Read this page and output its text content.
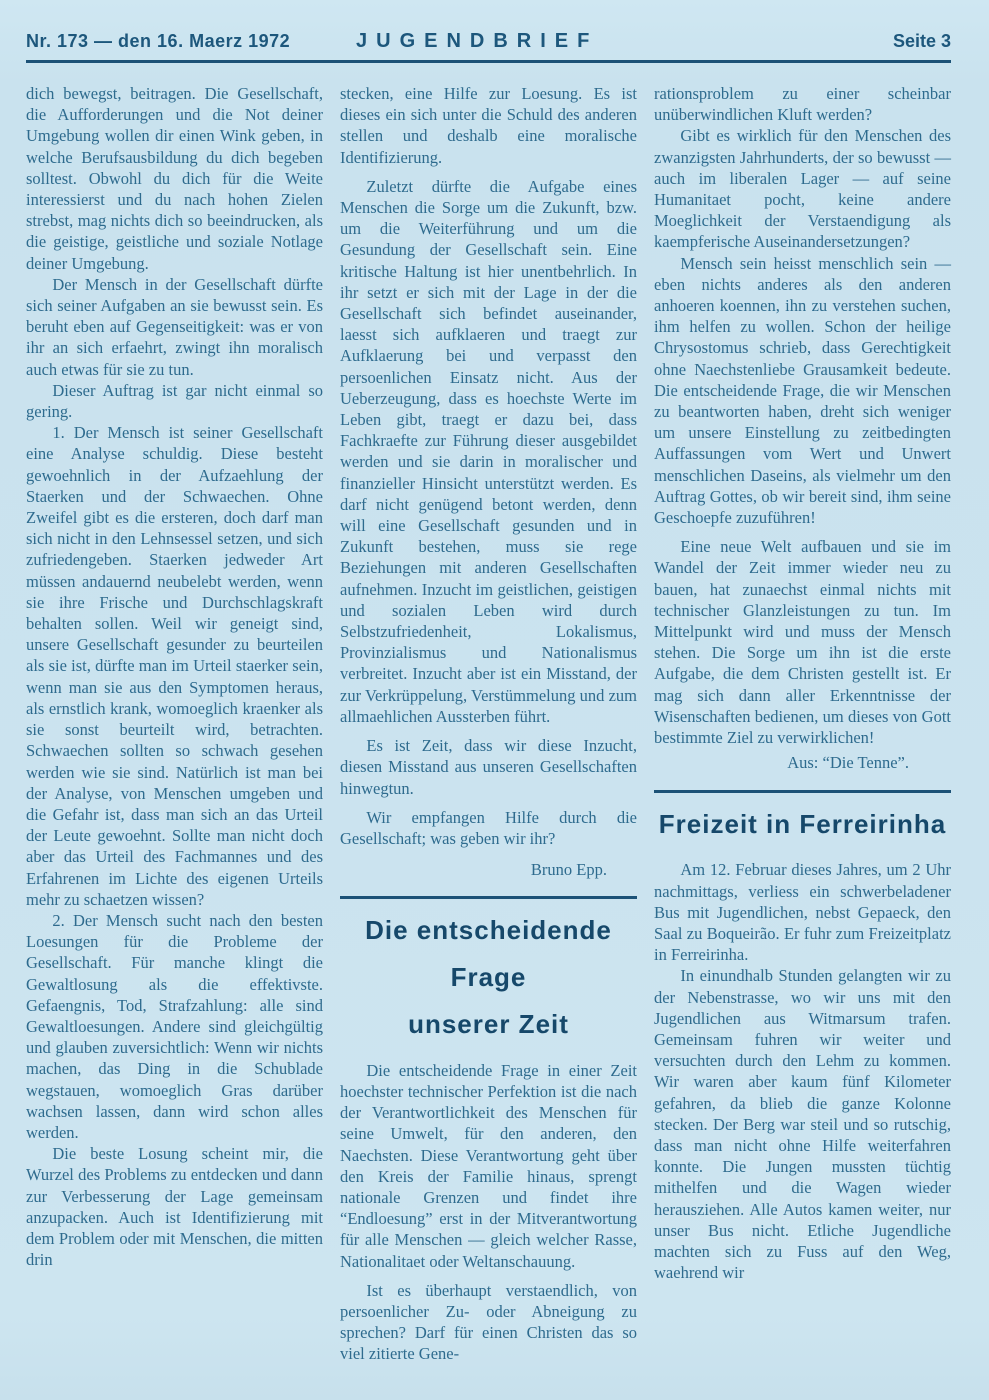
Nr. 173 — den 16. Maerz 1972	JUGENDBRIEF	Seite 3

dich bewegst, beitragen. Die Gesellschaft, die Aufforderungen und die Not deiner Umgebung wollen dir einen Wink geben, in welche Berufsausbildung du dich begeben solltest. Obwohl du dich für die Weite interessierst und du nach hohen Zielen strebst, mag nichts dich so beeindrucken, als die geistige, geistliche und soziale Notlage deiner Umgebung.

Der Mensch in der Gesellschaft dürfte sich seiner Aufgaben an sie bewusst sein. Es beruht eben auf Gegenseitigkeit: was er von ihr an sich erfaehrt, zwingt ihn moralisch auch etwas für sie zu tun.

Dieser Auftrag ist gar nicht einmal so gering.

1. Der Mensch ist seiner Gesellschaft eine Analyse schuldig. Diese besteht gewoehnlich in der Aufzaehlung der Staerken und der Schwaechen. Ohne Zweifel gibt es die ersteren, doch darf man sich nicht in den Lehnsessel setzen, und sich zufriedengeben. Staerken jedweder Art müssen andauernd neubelebt werden, wenn sie ihre Frische und Durchschlagskraft behalten sollen. Weil wir geneigt sind, unsere Gesellschaft gesunder zu beurteilen als sie ist, dürfte man im Urteil staerker sein, wenn man sie aus den Symptomen heraus, als ernstlich krank, womoeglich kraenker als sie sonst beurteilt wird, betrachten. Schwaechen sollten so schwach gesehen werden wie sie sind. Natürlich ist man bei der Analyse, von Menschen umgeben und die Gefahr ist, dass man sich an das Urteil der Leute gewoehnt. Sollte man nicht doch aber das Urteil des Fachmannes und des Erfahrenen im Lichte des eigenen Urteils mehr zu schaetzen wissen?

2. Der Mensch sucht nach den besten Loesungen für die Probleme der Gesellschaft. Für manche klingt die Gewaltlosung als die effektivste. Gefaengnis, Tod, Strafzahlung: alle sind Gewaltloesungen. Andere sind gleichgültig und glauben zuversichtlich: Wenn wir nichts machen, das Ding in die Schublade wegstauen, womoeglich Gras darüber wachsen lassen, dann wird schon alles werden.

Die beste Losung scheint mir, die Wurzel des Problems zu entdecken und dann zur Verbesserung der Lage gemeinsam anzupacken. Auch ist Identifizierung mit dem Problem oder mit Menschen, die mitten drin

stecken, eine Hilfe zur Loesung. Es ist dieses ein sich unter die Schuld des anderen stellen und deshalb eine moralische Identifizierung.

Zuletzt dürfte die Aufgabe eines Menschen die Sorge um die Zukunft, bzw. um die Weiterführung und um die Gesundung der Gesellschaft sein. Eine kritische Haltung ist hier unentbehrlich. In ihr setzt er sich mit der Lage in der die Gesellschaft sich befindet auseinander, laesst sich aufklaeren und traegt zur Aufklaerung bei und verpasst den persoenlichen Einsatz nicht. Aus der Ueberzeugung, dass es hoechste Werte im Leben gibt, traegt er dazu bei, dass Fachkraefte zur Führung dieser ausgebildet werden und sie darin in moralischer und finanzieller Hinsicht unterstützt werden. Es darf nicht genügend betont werden, denn will eine Gesellschaft gesunden und in Zukunft bestehen, muss sie rege Beziehungen mit anderen Gesellschaften aufnehmen. Inzucht im geistlichen, geistigen und sozialen Leben wird durch Selbstzufriedenheit, Lokalismus, Provinzialismus und Nationalismus verbreitet. Inzucht aber ist ein Misstand, der zur Verkrüppelung, Verstümmelung und zum allmaehlichen Aussterben führt.

Es ist Zeit, dass wir diese Inzucht, diesen Misstand aus unseren Gesellschaften hinwegtun.

Wir empfangen Hilfe durch die Gesellschaft; was geben wir ihr?

Bruno Epp.

Die entscheidende Frage
unserer Zeit

Die entscheidende Frage in einer Zeit hoechster technischer Perfektion ist die nach der Verantwortlichkeit des Menschen für seine Umwelt, für den anderen, den Naechsten. Diese Verantwortung geht über den Kreis der Familie hinaus, sprengt nationale Grenzen und findet ihre “Endloesung” erst in der Mitverantwortung für alle Menschen — gleich welcher Rasse, Nationalitaet oder Weltanschauung.

Ist es überhaupt verstaendlich, von persoenlicher Zu- oder Abneigung zu sprechen? Darf für einen Christen das so viel zitierte Gene-

rationsproblem zu einer scheinbar unüberwindlichen Kluft werden?

Gibt es wirklich für den Menschen des zwanzigsten Jahrhunderts, der so bewusst — auch im liberalen Lager — auf seine Humanitaet pocht, keine andere Moeglichkeit der Verstaendigung als kaempferische Auseinandersetzungen?

Mensch sein heisst menschlich sein — eben nichts anderes als den anderen anhoeren koennen, ihn zu verstehen suchen, ihm helfen zu wollen. Schon der heilige Chrysostomus schrieb, dass Gerechtigkeit ohne Naechstenliebe Grausamkeit bedeute. Die entscheidende Frage, die wir Menschen zu beantworten haben, dreht sich weniger um unsere Einstellung zu zeitbedingten Auffassungen vom Wert und Unwert menschlichen Daseins, als vielmehr um den Auftrag Gottes, ob wir bereit sind, ihm seine Geschoepfe zuzuführen!

Eine neue Welt aufbauen und sie im Wandel der Zeit immer wieder neu zu bauen, hat zunaechst einmal nichts mit technischer Glanzleistungen zu tun. Im Mittelpunkt wird und muss der Mensch stehen. Die Sorge um ihn ist die erste Aufgabe, die dem Christen gestellt ist. Er mag sich dann aller Erkenntnisse der Wisenschaften bedienen, um dieses von Gott bestimmte Ziel zu verwirklichen!

Aus: “Die Tenne”.

Freizeit in Ferreirinha

Am 12. Februar dieses Jahres, um 2 Uhr nachmittags, verliess ein schwerbeladener Bus mit Jugendlichen, nebst Gepaeck, den Saal zu Boqueirão. Er fuhr zum Freizeitplatz in Ferreirinha.

In einundhalb Stunden gelangten wir zu der Nebenstrasse, wo wir uns mit den Jugendlichen aus Witmarsum trafen. Gemeinsam fuhren wir weiter und versuchten durch den Lehm zu kommen. Wir waren aber kaum fünf Kilometer gefahren, da blieb die ganze Kolonne stecken. Der Berg war steil und so rutschig, dass man nicht ohne Hilfe weiterfahren konnte. Die Jungen mussten tüchtig mithelfen und die Wagen wieder herausziehen. Alle Autos kamen weiter, nur unser Bus nicht. Etliche Jugendliche machten sich zu Fuss auf den Weg, waehrend wir
